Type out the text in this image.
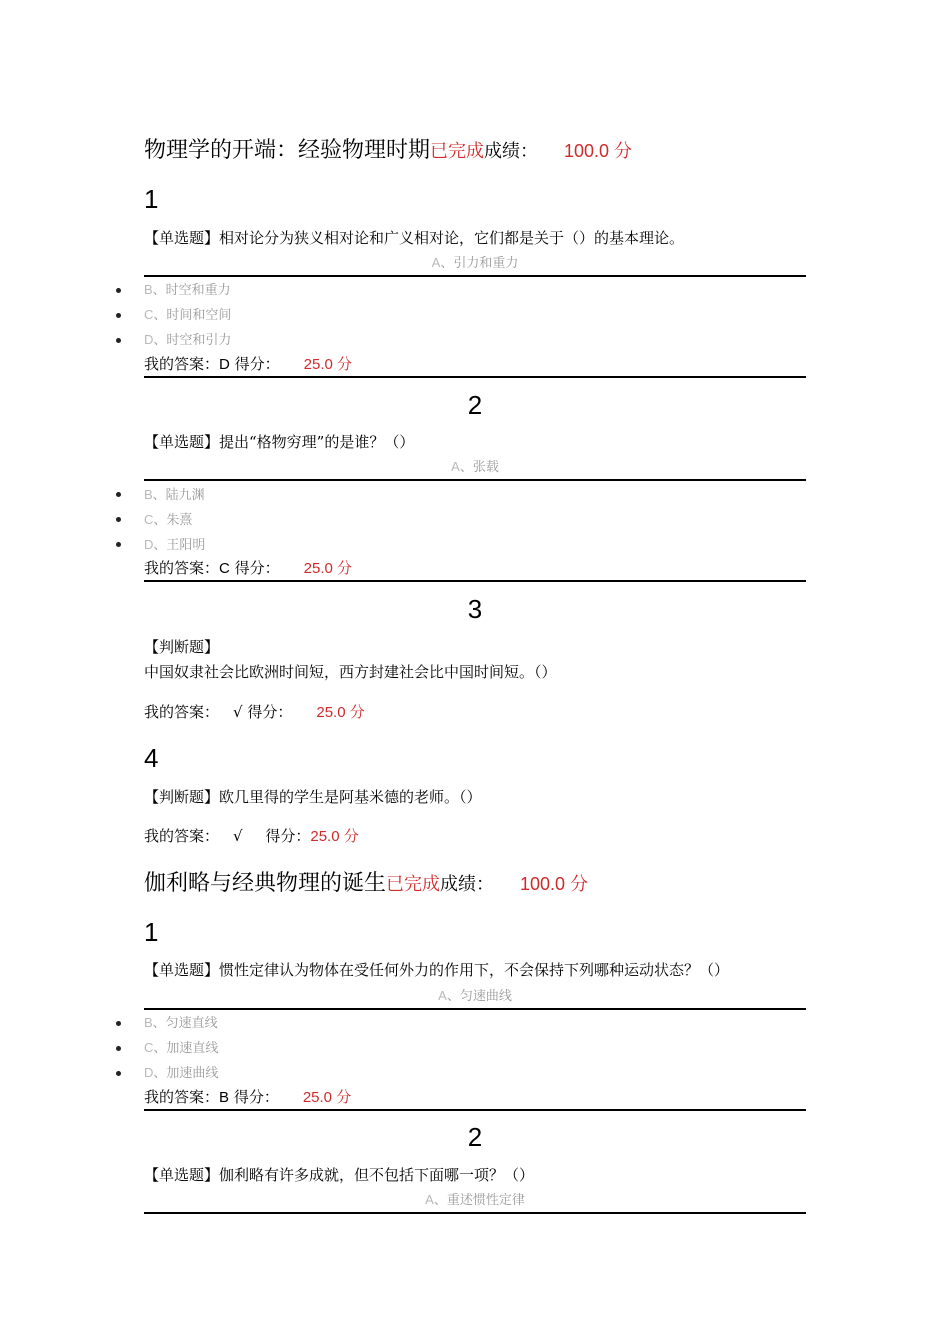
物理学的开端：经验物理时期已完成成绩： 100.0 分
1
【单选题】相对论分为狭义相对论和广义相对论，它们都是关于（）的基本理论。
A、引力和重力
B、时空和重力
C、时间和空间
D、时空和引力
我的答案：D 得分： 25.0 分
2
【单选题】提出“格物穷理”的是谁？（）
A、张载
B、陆九渊
C、朱熹
D、王阳明
我的答案：C 得分： 25.0 分
3
【判断题】
中国奴隶社会比欧洲时间短，西方封建社会比中国时间短。（）
我的答案： √ 得分： 25.0 分
4
【判断题】欧几里得的学生是阿基米德的老师。（）
我的答案： √ 得分：25.0 分
伽利略与经典物理的诞生已完成成绩： 100.0 分
1
【单选题】惯性定律认为物体在受任何外力的作用下，不会保持下列哪种运动状态？（）
A、匀速曲线
B、匀速直线
C、加速直线
D、加速曲线
我的答案：B 得分： 25.0 分
2
【单选题】伽利略有许多成就，但不包括下面哪一项？（）
A、重述惯性定律
